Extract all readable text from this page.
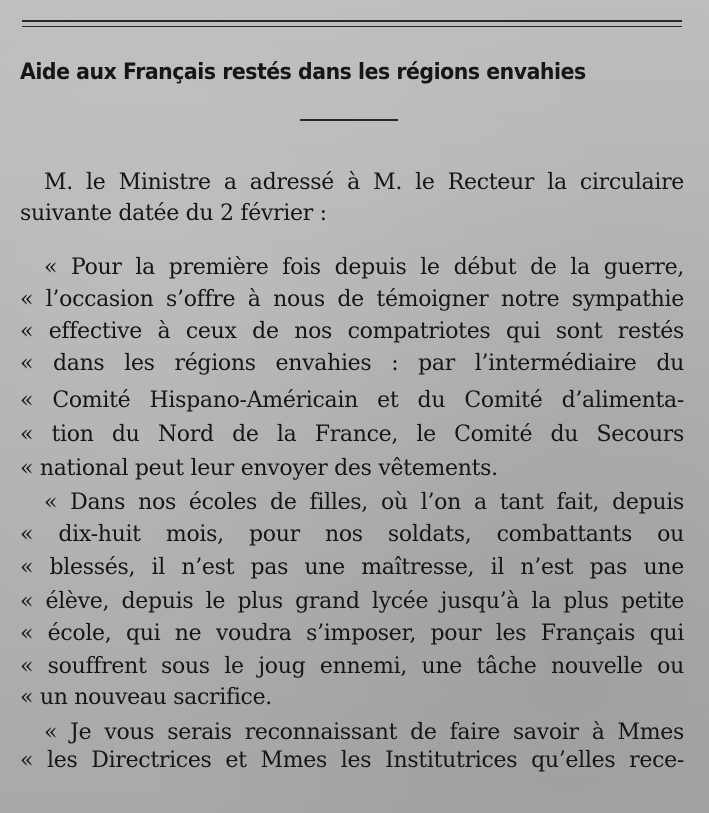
Aide aux Français restés dans les régions envahies
M. le Ministre a adressé à M. le Recteur la circulaire
suivante datée du 2 février :
« Pour la première fois depuis le début de la guerre,
« l’occasion s’offre à nous de témoigner notre sympathie
« effective à ceux de nos compatriotes qui sont restés
« dans les régions envahies : par l’intermédiaire du
« Comité Hispano-Américain et du Comité d’alimenta-
« tion du Nord de la France, le Comité du Secours
« national peut leur envoyer des vêtements.
« Dans nos écoles de filles, où l’on a tant fait, depuis
« dix-huit mois, pour nos soldats, combattants ou
« blessés, il n’est pas une maîtresse, il n’est pas une
« élève, depuis le plus grand lycée jusqu’à la plus petite
« école, qui ne voudra s’imposer, pour les Français qui
« souffrent sous le joug ennemi, une tâche nouvelle ou
« un nouveau sacrifice.
« Je vous serais reconnaissant de faire savoir à Mmes
« les Directrices et Mmes les Institutrices qu’elles rece-
